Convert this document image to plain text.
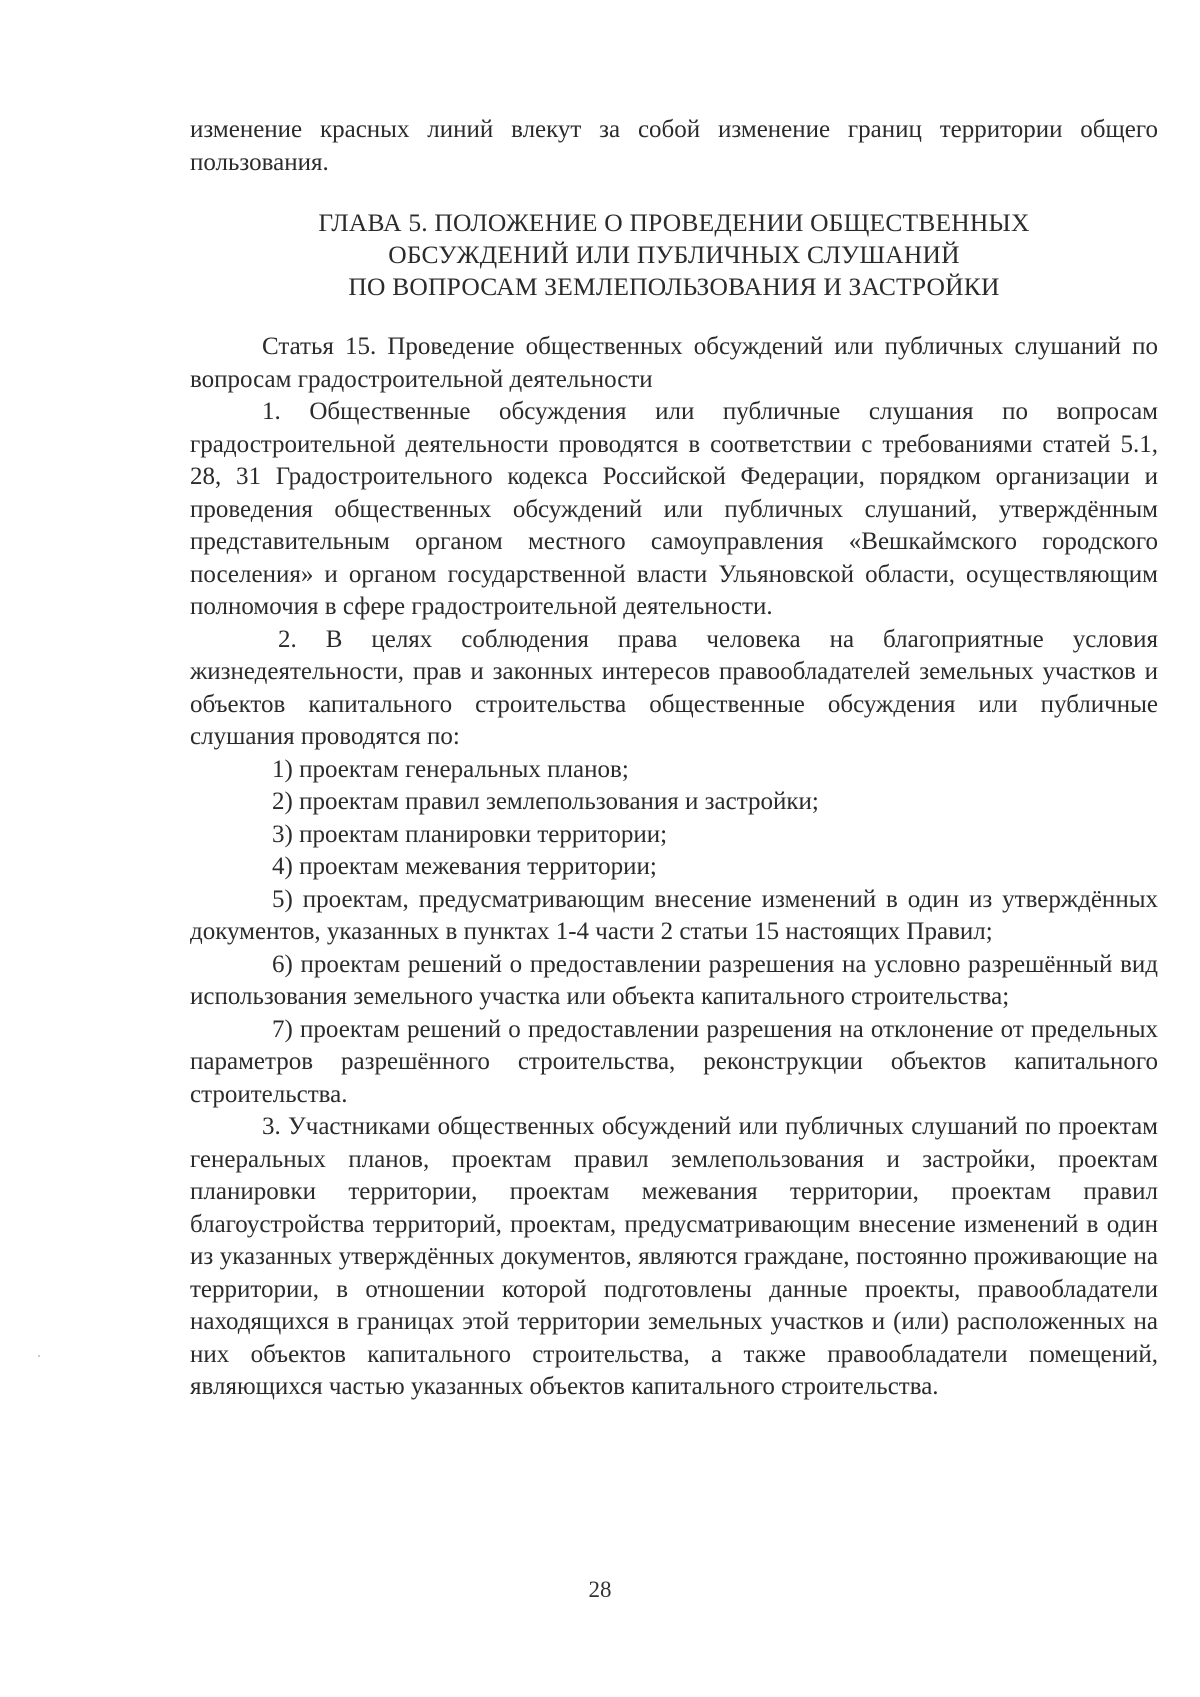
изменение красных линий влекут за собой изменение границ территории общего пользования.

ГЛАВА 5. ПОЛОЖЕНИЕ О ПРОВЕДЕНИИ ОБЩЕСТВЕННЫХ
ОБСУЖДЕНИЙ ИЛИ ПУБЛИЧНЫХ СЛУШАНИЙ
ПО ВОПРОСАМ ЗЕМЛЕПОЛЬЗОВАНИЯ И ЗАСТРОЙКИ

Статья 15. Проведение общественных обсуждений или публичных слушаний по вопросам градостроительной деятельности

1. Общественные обсуждения или публичные слушания по вопросам градостроительной деятельности проводятся в соответствии с требованиями статей 5.1, 28, 31 Градостроительного кодекса Российской Федерации, порядком организации и проведения общественных обсуждений или публичных слушаний, утверждённым представительным органом местного самоуправления «Вешкаймского городского поселения» и органом государственной власти Ульяновской области, осуществляющим полномочия в сфере градостроительной деятельности.

2. В целях соблюдения права человека на благоприятные условия жизнедеятельности, прав и законных интересов правообладателей земельных участков и объектов капитального строительства общественные обсуждения или публичные слушания проводятся по:

1) проектам генеральных планов;

2) проектам правил землепользования и застройки;

3) проектам планировки территории;

4) проектам межевания территории;

5) проектам, предусматривающим внесение изменений в один из утверждённых документов, указанных в пунктах 1-4 части 2 статьи 15 настоящих Правил;

6) проектам решений о предоставлении разрешения на условно разрешённый вид использования земельного участка или объекта капитального строительства;

7) проектам решений о предоставлении разрешения на отклонение от предельных параметров разрешённого строительства, реконструкции объектов капитального строительства.

3. Участниками общественных обсуждений или публичных слушаний по проектам генеральных планов, проектам правил землепользования и застройки, проектам планировки территории, проектам межевания территории, проектам правил благоустройства территорий, проектам, предусматривающим внесение изменений в один из указанных утверждённых документов, являются граждане, постоянно проживающие на территории, в отношении которой подготовлены данные проекты, правообладатели находящихся в границах этой территории земельных участков и (или) расположенных на них объектов капитального строительства, а также правообладатели помещений, являющихся частью указанных объектов капитального строительства.

28
